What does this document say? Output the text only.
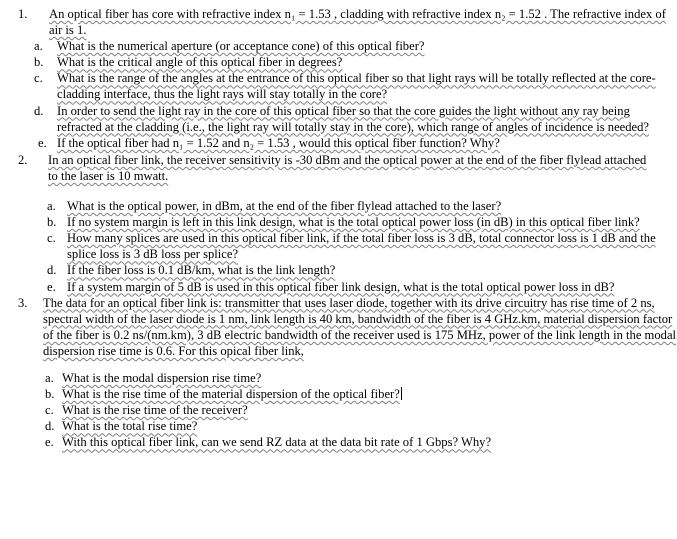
1. An optical fiber has core with refractive index n₁ = 1.53 , cladding with refractive index n₂ = 1.52 . The refractive index of air is 1.
a. What is the numerical aperture (or acceptance cone) of this optical fiber?
b. What is the critical angle of this optical fiber in degrees?
c. What is the range of the angles at the entrance of this optical fiber so that light rays will be totally reflected at the core-cladding interface, thus the light rays will stay totally in the core?
d. In order to send the light ray in the core of this optical fiber so that the core guides the light without any ray being refracted at the cladding (i.e., the light ray will totally stay in the core), which range of angles of incidence is needed?
e. If the optical fiber had n₁ = 1.52 and n₂ = 1.53 , would this optical fiber function? Why?
2. In an optical fiber link, the receiver sensitivity is -30 dBm and the optical power at the end of the fiber flylead attached to the laser is 10 mwatt.
a. What is the optical power, in dBm, at the end of the fiber flylead attached to the laser?
b. If no system margin is left in this link design, what is the total optical power loss (in dB) in this optical fiber link?
c. How many splices are used in this optical fiber link, if the total fiber loss is 3 dB, total connector loss is 1 dB and the splice loss is 3 dB loss per splice?
d. If the fiber loss is 0.1 dB/km, what is the link length?
e. If a system margin of 5 dB is used in this optical fiber link design, what is the total optical power loss in dB?
3. The data for an optical fiber link is: transmitter that uses laser diode, together with its drive circuitry has rise time of 2 ns, spectral width of the laser diode is 1 nm, link length is 40 km, bandwidth of the fiber is 4 GHz.km, material dispersion factor of the fiber is 0.2 ns/(nm.km), 3 dB electric bandwidth of the receiver used is 175 MHz, power of the link length in the modal dispersion rise time is 0.6. For this opical fiber link,
a. What is the modal dispersion rise time?
b. What is the rise time of the material dispersion of the optical fiber?
c. What is the rise time of the receiver?
d. What is the total rise time?
e. With this optical fiber link, can we send RZ data at the data bit rate of 1 Gbps? Why?
